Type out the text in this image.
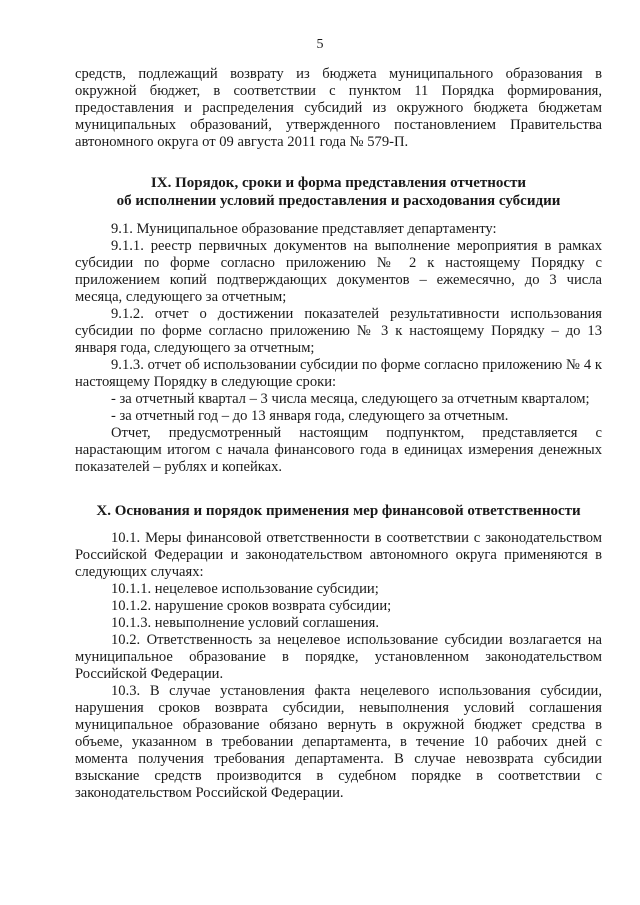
5

средств, подлежащий возврату из бюджета муниципального образования в окружной бюджет, в соответствии с пунктом 11 Порядка формирования, предоставления и распределения субсидий из окружного бюджета бюджетам муниципальных образований, утвержденного постановлением Правительства автономного округа от 09 августа 2011 года № 579-П.

IX. Порядок, сроки и форма представления отчетности
об исполнении условий предоставления и расходования субсидии

9.1. Муниципальное образование представляет департаменту:

9.1.1. реестр первичных документов на выполнение мероприятия в рамках субсидии по форме согласно приложению № 2 к настоящему Порядку с приложением копий подтверждающих документов – ежемесячно, до 3 числа месяца, следующего за отчетным;

9.1.2. отчет о достижении показателей результативности использования субсидии по форме согласно приложению № 3 к настоящему Порядку – до 13 января года, следующего за отчетным;

9.1.3. отчет об использовании субсидии по форме согласно приложению № 4 к настоящему Порядку в следующие сроки:

- за отчетный квартал – 3 числа месяца, следующего за отчетным кварталом;

- за отчетный год – до 13 января года, следующего за отчетным.

Отчет, предусмотренный настоящим подпунктом, представляется с нарастающим итогом с начала финансового года в единицах измерения денежных показателей – рублях и копейках.

X. Основания и порядок применения мер финансовой ответственности

10.1. Меры финансовой ответственности в соответствии с законодательством Российской Федерации и законодательством автономного округа применяются в следующих случаях:

10.1.1. нецелевое использование субсидии;

10.1.2. нарушение сроков возврата субсидии;

10.1.3. невыполнение условий соглашения.

10.2. Ответственность за нецелевое использование субсидии возлагается на муниципальное образование в порядке, установленном законодательством Российской Федерации.

10.3. В случае установления факта нецелевого использования субсидии, нарушения сроков возврата субсидии, невыполнения условий соглашения муниципальное образование обязано вернуть в окружной бюджет средства в объеме, указанном в требовании департамента, в течение 10 рабочих дней с момента получения требования департамента. В случае невозврата субсидии взыскание средств производится в судебном порядке в соответствии с законодательством Российской Федерации.
